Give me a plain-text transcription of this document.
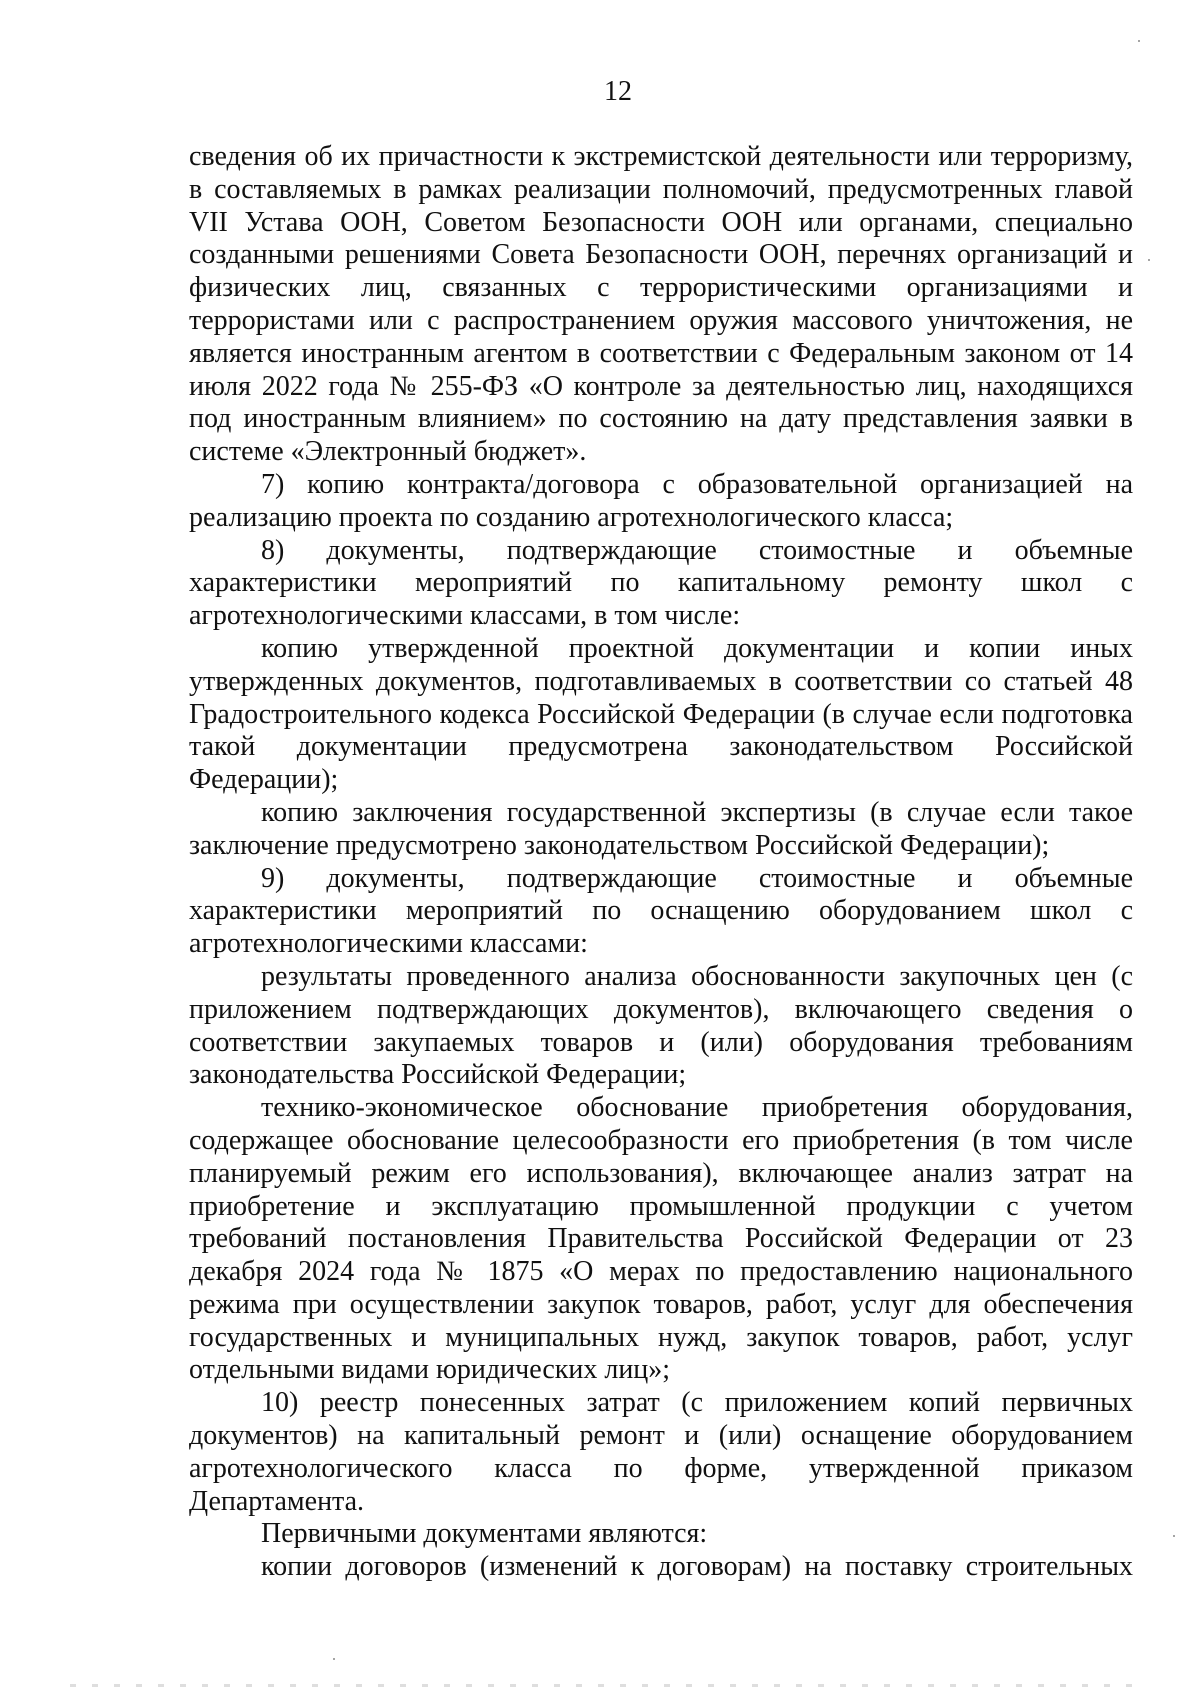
12

сведения об их причастности к экстремистской деятельности или терроризму, в составляемых в рамках реализации полномочий, предусмотренных главой VII Устава ООН, Советом Безопасности ООН или органами, специально созданными решениями Совета Безопасности ООН, перечнях организаций и физических лиц, связанных с террористическими организациями и террористами или с распространением оружия массового уничтожения, не является иностранным агентом в соответствии с Федеральным законом от 14 июля 2022 года № 255-ФЗ «О контроле за деятельностью лиц, находящихся под иностранным влиянием» по состоянию на дату представления заявки в системе «Электронный бюджет».

7) копию контракта/договора с образовательной организацией на реализацию проекта по созданию агротехнологического класса;

8) документы, подтверждающие стоимостные и объемные характеристики мероприятий по капитальному ремонту школ с агротехнологическими классами, в том числе:

копию утвержденной проектной документации и копии иных утвержденных документов, подготавливаемых в соответствии со статьей 48 Градостроительного кодекса Российской Федерации (в случае если подготовка такой документации предусмотрена законодательством Российской Федерации);

копию заключения государственной экспертизы (в случае если такое заключение предусмотрено законодательством Российской Федерации);

9) документы, подтверждающие стоимостные и объемные характеристики мероприятий по оснащению оборудованием школ с агротехнологическими классами:

результаты проведенного анализа обоснованности закупочных цен (с приложением подтверждающих документов), включающего сведения о соответствии закупаемых товаров и (или) оборудования требованиям законодательства Российской Федерации;

технико-экономическое обоснование приобретения оборудования, содержащее обоснование целесообразности его приобретения (в том числе планируемый режим его использования), включающее анализ затрат на приобретение и эксплуатацию промышленной продукции с учетом требований постановления Правительства Российской Федерации от 23 декабря 2024 года № 1875 «О мерах по предоставлению национального режима при осуществлении закупок товаров, работ, услуг для обеспечения государственных и муниципальных нужд, закупок товаров, работ, услуг отдельными видами юридических лиц»;

10) реестр понесенных затрат (с приложением копий первичных документов) на капитальный ремонт и (или) оснащение оборудованием агротехнологического класса по форме, утвержденной приказом Департамента.

Первичными документами являются:

копии договоров (изменений к договорам) на поставку строительных
